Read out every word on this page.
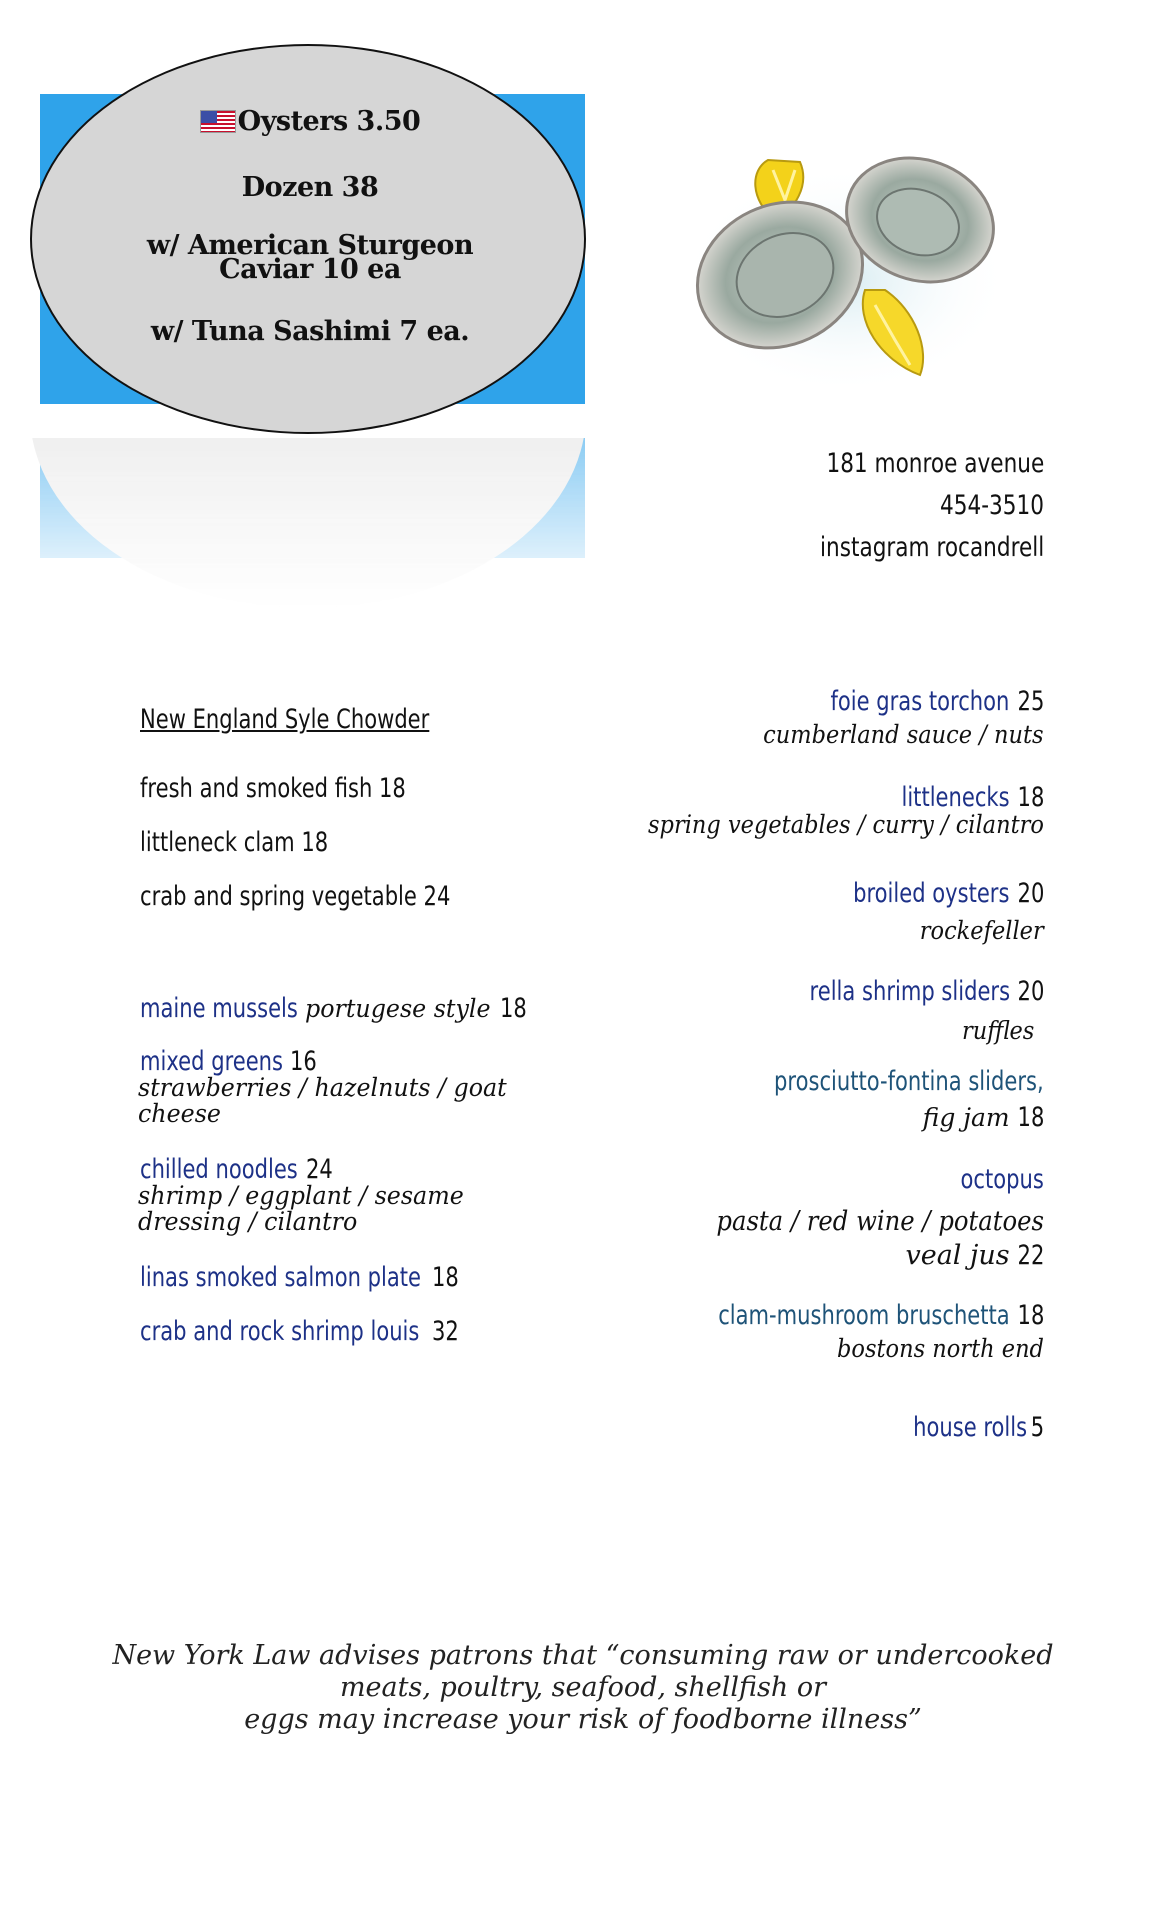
Oysters 3.50
Dozen 38
w/ American Sturgeon
Caviar 10 ea
w/ Tuna Sashimi 7 ea.
181 monroe avenue
454-3510
instagram rocandrell
New England Syle Chowder
fresh and smoked fish 18
littleneck clam 18
crab and spring vegetable 24
maine mussels portugese style18
mixed greens16
strawberries / hazelnuts / goat
cheese
chilled noodles24
shrimp / eggplant / sesame
dressing / cilantro
linas smoked salmon plate18
crab and rock shrimp louis32
foie gras torchon25
cumberland sauce / nuts
littlenecks18
spring vegetables / curry / cilantro
broiled oysters20
rockefeller
rella shrimp sliders20
ruffles
prosciutto-fontina sliders,
fig jam18
octopus
pasta / red wine / potatoes
veal jus22
clam-mushroom bruschetta 18
bostons north end
house rolls5
New York Law advises patrons that “consuming raw or undercooked
meats, poultry, seafood, shellfish or
eggs may increase your risk of foodborne illness”
